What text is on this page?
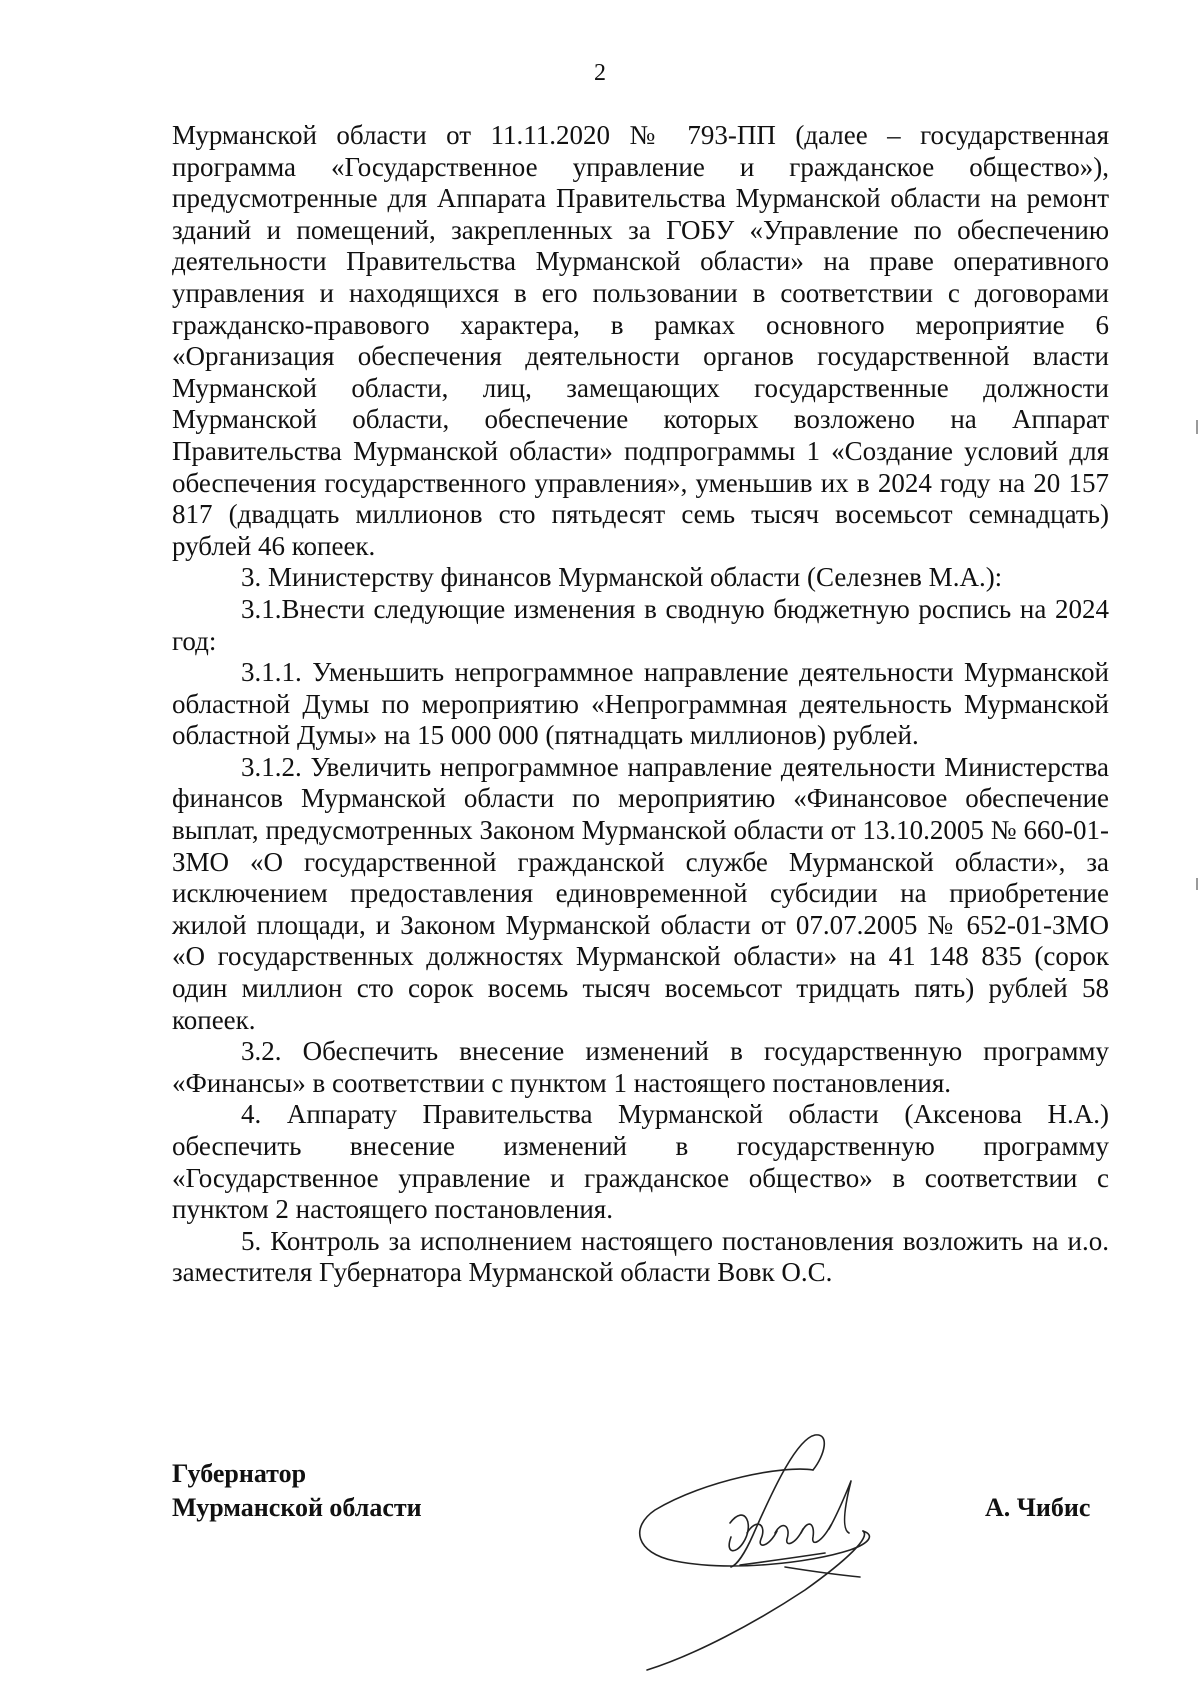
2

Мурманской области от 11.11.2020 № 793-ПП (далее – государственная программа «Государственное управление и гражданское общество»), предусмотренные для Аппарата Правительства Мурманской области на ремонт зданий и помещений, закрепленных за ГОБУ «Управление по обеспечению деятельности Правительства Мурманской области» на праве оперативного управления и находящихся в его пользовании в соответствии с договорами гражданско-правового характера, в рамках основного мероприятие 6 «Организация обеспечения деятельности органов государственной власти Мурманской области, лиц, замещающих государственные должности Мурманской области, обеспечение которых возложено на Аппарат Правительства Мурманской области» подпрограммы 1 «Создание условий для обеспечения государственного управления», уменьшив их в 2024 году на 20 157 817 (двадцать миллионов сто пятьдесят семь тысяч восемьсот семнадцать) рублей 46 копеек.

3. Министерству финансов Мурманской области (Селезнев М.А.):

3.1.Внести следующие изменения в сводную бюджетную роспись на 2024 год:

3.1.1. Уменьшить непрограммное направление деятельности Мурманской областной Думы по мероприятию «Непрограммная деятельность Мурманской областной Думы» на 15 000 000 (пятнадцать миллионов) рублей.

3.1.2. Увеличить непрограммное направление деятельности Министерства финансов Мурманской области по мероприятию «Финансовое обеспечение выплат, предусмотренных Законом Мурманской области от 13.10.2005 № 660-01-ЗМО «О государственной гражданской службе Мурманской области», за исключением предоставления единовременной субсидии на приобретение жилой площади, и Законом Мурманской области от 07.07.2005 № 652-01-ЗМО «О государственных должностях Мурманской области» на 41 148 835 (сорок один миллион сто сорок восемь тысяч восемьсот тридцать пять) рублей 58 копеек.

3.2. Обеспечить внесение изменений в государственную программу «Финансы» в соответствии с пунктом 1 настоящего постановления.

4. Аппарату Правительства Мурманской области (Аксенова Н.А.) обеспечить внесение изменений в государственную программу «Государственное управление и гражданское общество» в соответствии с пунктом 2 настоящего постановления.

5. Контроль за исполнением настоящего постановления возложить на и.о. заместителя Губернатора Мурманской области Вовк О.С.

Губернатор
Мурманской области	А. Чибис
